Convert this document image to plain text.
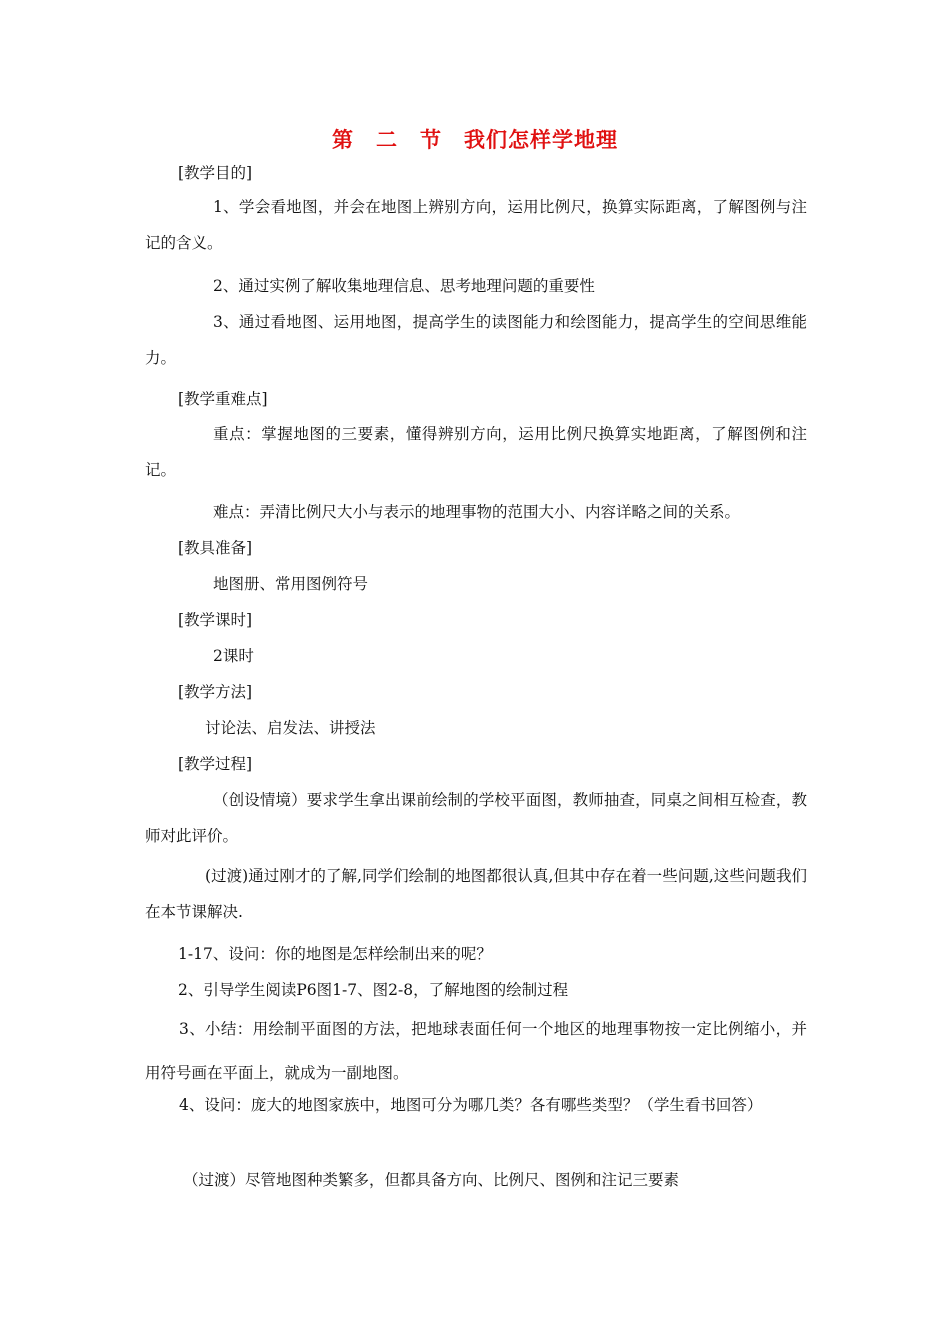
第　二　节　我们怎样学地理
[教学目的]
1、学会看地图，并会在地图上辨别方向，运用比例尺，换算实际距离，了解图例与注记的含义。
2、通过实例了解收集地理信息、思考地理问题的重要性
3、通过看地图、运用地图，提高学生的读图能力和绘图能力，提高学生的空间思维能力。
[教学重难点]
重点：掌握地图的三要素，懂得辨别方向，运用比例尺换算实地距离，了解图例和注记。
难点：弄清比例尺大小与表示的地理事物的范围大小、内容详略之间的关系。
[教具准备]
地图册、常用图例符号
[教学课时]
2课时
[教学方法]
讨论法、启发法、讲授法
[教学过程]
（创设情境）要求学生拿出课前绘制的学校平面图，教师抽查，同桌之间相互检查，教师对此评价。
(过渡)通过刚才的了解,同学们绘制的地图都很认真,但其中存在着一些问题,这些问题我们在本节课解决.
1-17、设问：你的地图是怎样绘制出来的呢？
2、引导学生阅读P6图1-7、图2-8，了解地图的绘制过程
3、小结：用绘制平面图的方法，把地球表面任何一个地区的地理事物按一定比例缩小，并用符号画在平面上，就成为一副地图。
4、设问：庞大的地图家族中，地图可分为哪几类？各有哪些类型？（学生看书回答）
（过渡）尽管地图种类繁多，但都具备方向、比例尺、图例和注记三要素
